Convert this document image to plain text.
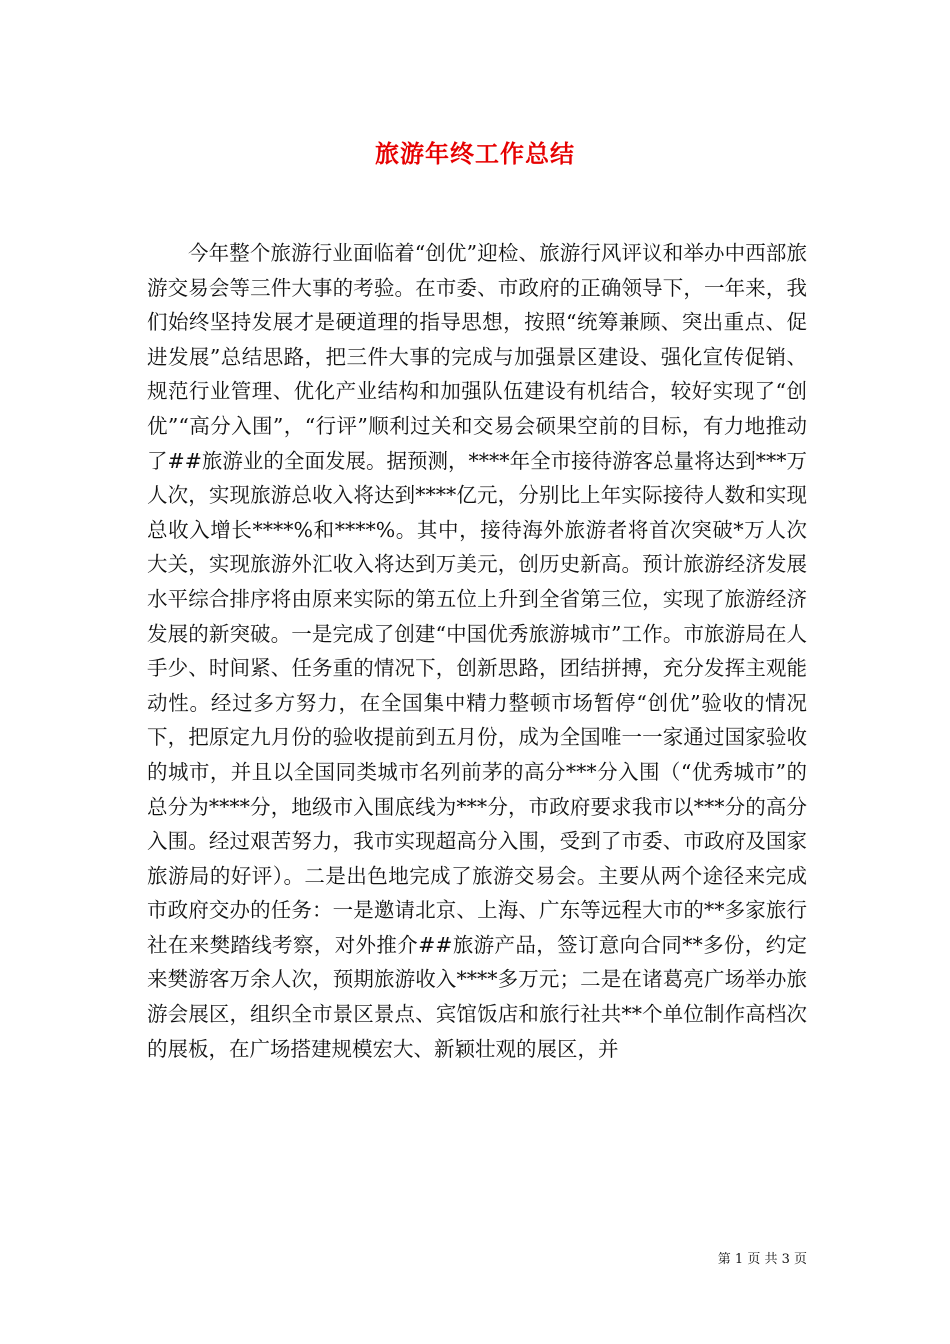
旅游年终工作总结

今年整个旅游行业面临着“创优”迎检、旅游行风评议和举办中西部旅游交易会等三件大事的考验。在市委、市政府的正确领导下，一年来，我们始终坚持发展才是硬道理的指导思想，按照“统筹兼顾、突出重点、促进发展”总结思路，把三件大事的完成与加强景区建设、强化宣传促销、规范行业管理、优化产业结构和加强队伍建设有机结合，较好实现了“创优”“高分入围”，“行评”顺利过关和交易会硕果空前的目标，有力地推动了##旅游业的全面发展。据预测，****年全市接待游客总量将达到***万人次，实现旅游总收入将达到****亿元，分别比上年实际接待人数和实现总收入增长****%和****%。其中，接待海外旅游者将首次突破*万人次大关，实现旅游外汇收入将达到万美元，创历史新高。预计旅游经济发展水平综合排序将由原来实际的第五位上升到全省第三位，实现了旅游经济发展的新突破。一是完成了创建“中国优秀旅游城市”工作。市旅游局在人手少、时间紧、任务重的情况下，创新思路，团结拼搏，充分发挥主观能动性。经过多方努力，在全国集中精力整顿市场暂停“创优”验收的情况下，把原定九月份的验收提前到五月份，成为全国唯一一家通过国家验收的城市，并且以全国同类城市名列前茅的高分***分入围（“优秀城市”的总分为****分，地级市入围底线为***分，市政府要求我市以***分的高分入围。经过艰苦努力，我市实现超高分入围，受到了市委、市政府及国家旅游局的好评）。二是出色地完成了旅游交易会。主要从两个途径来完成市政府交办的任务：一是邀请北京、上海、广东等远程大市的**多家旅行社在来樊踏线考察，对外推介##旅游产品，签订意向合同**多份，约定来樊游客万余人次，预期旅游收入****多万元；二是在诸葛亮广场举办旅游会展区，组织全市景区景点、宾馆饭店和旅行社共**个单位制作高档次的展板，在广场搭建规模宏大、新颖壮观的展区，并

第 1 页 共 3 页
